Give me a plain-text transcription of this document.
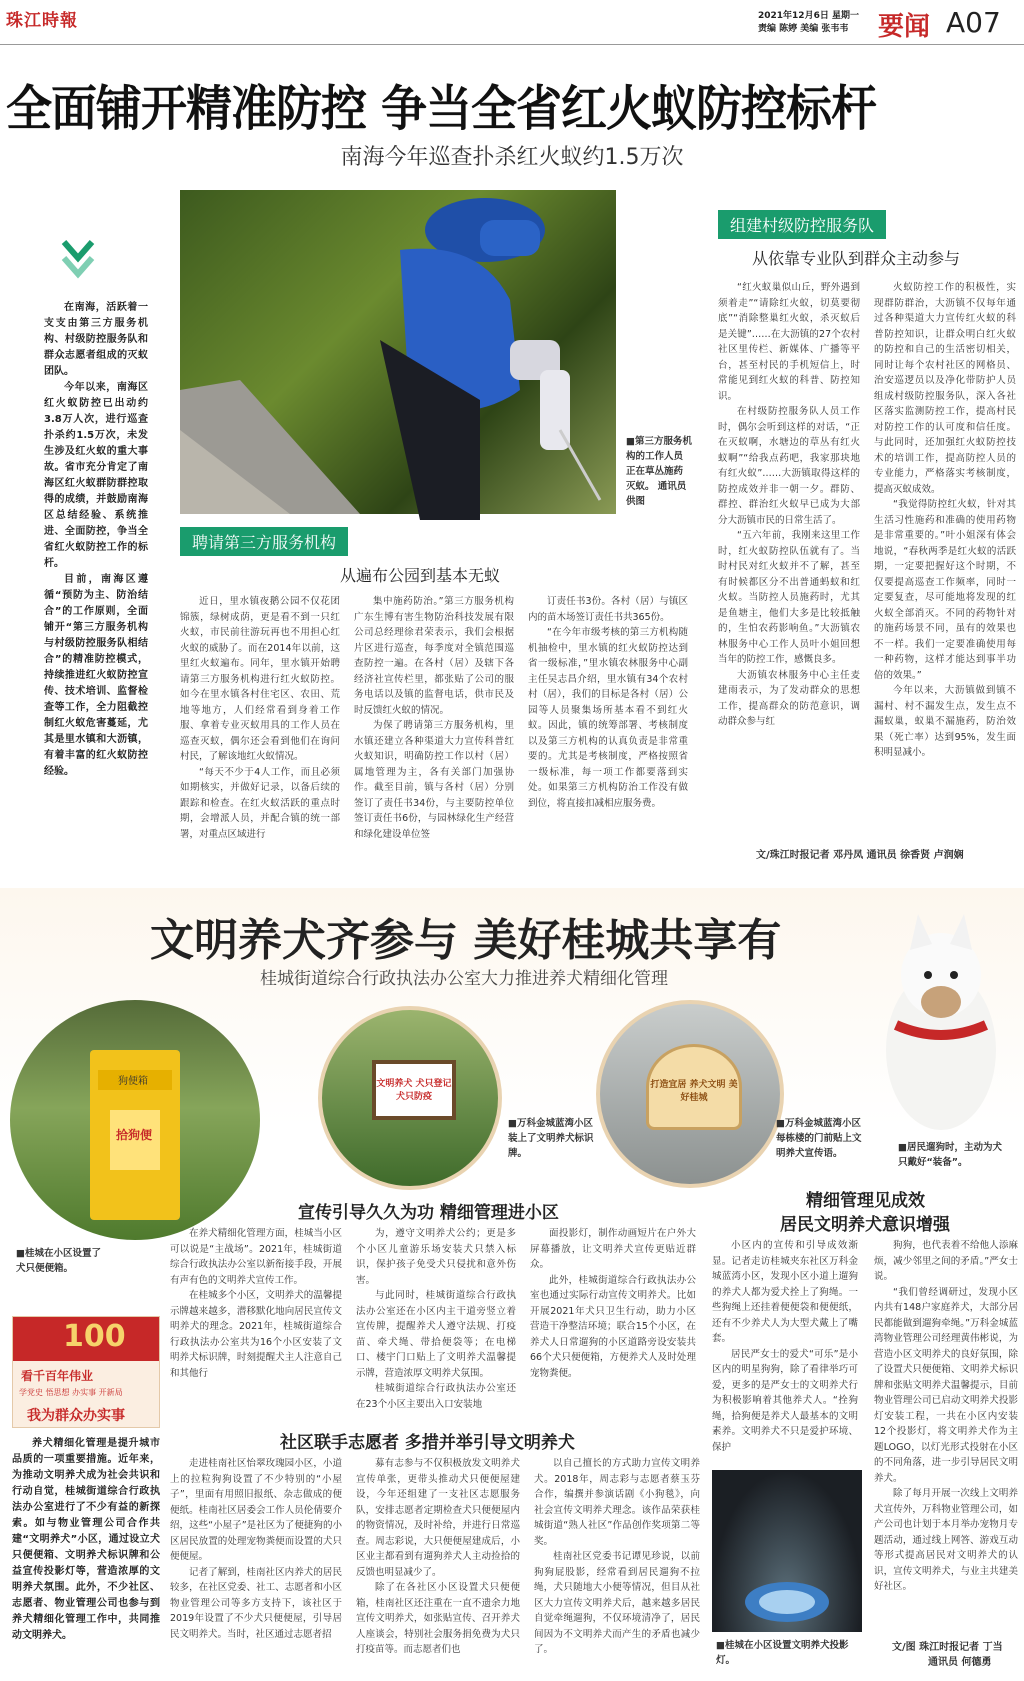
珠江時報	2021年12月6日 星期一
责编 陈婷 美编 张韦韦	要闻 A07
全面铺开精准防控 争当全省红火蚁防控标杆
南海今年巡查扑杀红火蚁约1.5万次

在南海，活跃着一支支由第三方服务机构、村级防控服务队和群众志愿者组成的灭蚁团队。

今年以来，南海区红火蚁防控已出动约3.8万人次，进行巡查扑杀约1.5万次，未发生涉及红火蚁的重大事故。省市充分肯定了南海区红火蚁群防群控取得的成绩，并鼓励南海区总结经验、系统推进、全面防控，争当全省红火蚁防控工作的标杆。

目前，南海区遵循“预防为主、防治结合”的工作原则，全面铺开“第三方服务机构与村级防控服务队相结合”的精准防控模式，持续推进红火蚁防控宣传、技术培训、监督检查等工作，全力阻截控制红火蚁危害蔓延，尤其是里水镇和大沥镇，有着丰富的红火蚁防控经验。

■第三方服务机构的工作人员正在草丛施药灭蚁。 通讯员供图
聘请第三方服务机构
从遍布公园到基本无蚁

近日，里水镇夜鹅公园不仅花团锦簇，绿树成荫，更是看不到一只红火蚁，市民前往游玩再也不用担心红火蚁的威胁了。而在2014年以前，这里红火蚁遍布。同年，里水镇开始聘请第三方服务机构进行红火蚁防控。如今在里水镇各村住宅区、农田、荒地等地方，人们经常看到身着工作服、拿着专业灭蚁用具的工作人员在巡查灭蚁，偶尔还会看到他们在询问村民，了解该地红火蚁情况。

“每天不少于4人工作，而且必须如期核实，并做好记录，以备后续的跟踪和检查。在红火蚁活跃的重点时期，会增派人员，并配合镇的统一部署，对重点区域进行

集中施药防治。”第三方服务机构广东生博有害生物防治科技发展有限公司总经理徐君荣表示，我们会根据片区进行巡查，每季度对全镇范围巡查防控一遍。在各村（居）及辖下各经济社宣传栏里，都张贴了公司的服务电话以及镇的监督电话，供市民及时反馈红火蚁的情况。

为保了聘请第三方服务机构，里水镇还建立各种渠道大力宣传科普红火蚁知识，明确防控工作以村（居）属地管理为主，各有关部门加强协作。截至目前，镇与各村（居）分别签订了责任书34份，与主要防控单位签订责任书6份，与园林绿化生产经营和绿化建设单位签

订责任书3份。各村（居）与镇区内的苗木场签订责任书共365份。

“在今年市级考核的第三方机构随机抽检中，里水镇的红火蚁防控达到省一级标准，”里水镇农林服务中心副主任吴志昌介绍，里水镇有34个农村村（居），我们的目标是各村（居）公园等人员聚集场所基本看不到红火蚁。因此，镇的统筹部署、考核制度以及第三方机构的认真负责是非常重要的。尤其是考核制度，严格按照省一级标准，每一项工作都要落到实处。如果第三方机构防治工作没有做到位，将直接扣减相应服务费。

组建村级防控服务队
从依靠专业队到群众主动参与

“红火蚁巢似山丘，野外遇到须着走”“请除红火蚁，切莫要彻底”“消除整巢红火蚁，杀灭蚁后是关键”……在大沥镇的27个农村社区里传栏、新媒体、广播等平台，甚至村民的手机短信上，时常能见到红火蚁的科普、防控知识。

在村级防控服务队人员工作时，偶尔会听到这样的对话，“正在灭蚁啊，水塘边的草丛有红火蚁啊”“给我点药吧，我家那块地有红火蚁”……大沥镇取得这样的防控成效并非一朝一夕。群防、群控、群治红火蚁早已成为大部分大沥镇市民的日常生活了。

“五六年前，我刚来这里工作时，红火蚁防控队伍就有了。当时村民对红火蚁并不了解，甚至有时候都区分不出普通蚂蚁和红火蚁。当防控人员施药时，尤其是鱼塘主，他们大多是比较抵触的，生怕农药影响鱼。”大沥镇农林服务中心工作人员叶小姐回想当年的防控工作，感慨良多。

大沥镇农林服务中心主任麦建雨表示，为了发动群众的思想工作，提高群众的防范意识，调动群众参与红

火蚁防控工作的积极性，实现群防群治，大沥镇不仅每年通过各种渠道大力宣传红火蚁的科普防控知识，让群众明白红火蚁的防控和自己的生活密切相关，同时让每个农村社区的网格员、治安巡逻员以及净化带防护人员组成村级防控服务队，深入各社区落实监测防控工作，提高村民对防控工作的认可度和信任度。与此同时，还加强红火蚁防控技术的培训工作，提高防控人员的专业能力，严格落实考核制度，提高灭蚁成效。

“我觉得防控红火蚁，针对其生活习性施药和准确的使用药物是非常重要的。”叶小姐深有体会地说，“春秋两季是红火蚁的活跃期，一定要把握好这个时期，不仅要提高巡查工作频率，同时一定要复查，尽可能地将发现的红火蚁全部消灭。不同的药物针对的施药场景不同，虽有的效果也不一样。我们一定要准确使用每一种药物，这样才能达到事半功倍的效果。”

今年以来，大沥镇做到镇不漏村、村不漏发生点，发生点不漏蚁巢，蚁巢不漏施药，防治效果（死亡率）达到95%，发生面积明显减小。

文/珠江时报记者 邓丹凤 通讯员 徐香贤 卢润娴
文明养犬齐参与 美好桂城共享有
桂城街道综合行政执法办公室大力推进养犬精细化管理
■居民遛狗时，主动为犬只戴好“装备”。
拾狗便
狗便箱
■桂城在小区设置了犬只便便箱。
文明养犬 犬只登记 犬只防疫
■万科金城蓝湾小区装上了文明养犬标识牌。
打造宜居 养犬文明 美好桂城
■万科金城蓝湾小区每栋楼的门前贴上文明养犬宣传语。
100
看千百年伟业
学党史 悟思想 办实事 开新局
我为群众办实事

养犬精细化管理是提升城市品质的一项重要措施。近年来，为推动文明养犬成为社会共识和行动自觉，桂城街道综合行政执法办公室进行了不少有益的新探索。如与物业管理公司合作共建“文明养犬”小区，通过设立犬只便便箱、文明养犬标识牌和公益宣传投影灯等，营造浓厚的文明养犬氛围。此外，不少社区、志愿者、物业管理公司也参与到养犬精细化管理工作中，共同推动文明养犬。

宣传引导久久为功 精细管理进小区

在养犬精细化管理方面，桂城当小区可以说是“主战场”。2021年，桂城街道综合行政执法办公室以新衔接手段，开展有声有色的文明养犬宣传工作。

在桂城多个小区，文明养犬的温馨提示牌越来越多，潜移默化地向居民宣传文明养犬的理念。2021年，桂城街道综合行政执法办公室共为16个小区安装了文明养犬标识牌，时刻提醒犬主人注意自己和其他行

为，遵守文明养犬公约；更是多个小区儿童游乐场安装犬只禁入标识，保护孩子免受犬只侵扰和意外伤害。

与此同时，桂城街道综合行政执法办公室还在小区内主干道旁竖立着宣传牌，提醒养犬人遵守法规、打疫苗、牵犬绳、带拾便袋等；在电梯口、楼宇门口贴上了文明养犬温馨提示牌，营造浓厚文明养犬氛围。

桂城街道综合行政执法办公室还在23个小区主要出入口安装地

面投影灯，制作动画短片在户外大屏幕播放，让文明养犬宣传更贴近群众。

此外，桂城街道综合行政执法办公室也通过实际行动宣传文明养犬。比如开展2021年犬只卫生行动，助力小区营造干净整洁环境；联合15个小区，在养犬人日常遛狗的小区道路旁设安装共66个犬只便便箱，方便养犬人及时处理宠物粪便。

精细管理见成效
居民文明养犬意识增强

小区内的宣传和引导成效渐显。记者走访桂城夹东社区万科金城蓝湾小区，发现小区小道上遛狗的养犬人都为爱犬拴上了狗绳。一些狗绳上还挂着便便袋和便便纸，还有不少养犬人为大型犬戴上了嘴套。

居民严女士的爱犬“可乐”是小区内的明星狗狗，除了看律举巧可爱，更多的是严女士的文明养犬行为积极影响着其他养犬人。“拴狗绳，拾狗便是养犬人最基本的文明素养。文明养犬不只是爱护环境、保护

狗狗，也代表着不给他人添麻烦，减少邻里之间的矛盾。”严女士说。

“我们曾经调研过，发现小区内共有148户家庭养犬，大部分居民都能做到遛狗牵绳。”万科金城蓝湾物业管理公司经理黄伟彬说，为营造小区文明养犬的良好氛围，除了设置犬只便便箱、文明养犬标识牌和张贴文明养犬温馨提示，目前物业管理公司已启动文明养犬投影灯安装工程，一共在小区内安装12个投影灯，将文明养犬作为主题LOGO，以灯光形式投射在小区的不同角落，进一步引导居民文明养犬。

除了每月开展一次线上文明养犬宣传外，万科物业管理公司，如产公司也计划于本月举办宠物月专题活动，通过线上网答、游戏互动等形式提高居民对文明养犬的认识，宣传文明养犬，与业主共建美好社区。

■桂城在小区设置文明养犬投影灯。
社区联手志愿者 多措并举引导文明养犬

走进桂南社区怡翠玫瑰园小区，小道上的拉粒狗狗设置了不少特别的“小屋子”，里面有用照旧报纸、杂志做成的便便纸。桂南社区居委会工作人员伦倩要介绍，这些“小屋子”是社区为了便捷狗的小区居民放置的处理宠物粪便而设置的犬只便便屋。

记者了解到，桂南社区内养犬的居民较多，在社区党委、社工、志愿者和小区物业管理公司等多方支持下，该社区于2019年设置了不少犬只便便屋，引导居民文明养犬。当时，社区通过志愿者招

募有志参与不仅积极放发文明养犬宣传单张，更带头推动犬只便便屋建设，今年还组建了一支社区志愿服务队，安排志愿者定期检查犬只便便屋内的物资情况，及时补给，并进行日常巡查。周志彩说，大只便便屋建成后，小区业主都看到有遛狗养犬人主动捡拾的反馈也明显减少了。

除了在各社区小区设置犬只便便箱，桂南社区还注重在一直不遗余力地宣传文明养犬，如张贴宣传、召开养犬人座谈会，特别社会服务捐免费为犬只打疫苗等。而志愿者们也

以自己擅长的方式助力宣传文明养犬。2018年，周志彩与志愿者蔡玉芬合作，编撰并参演话剧《小狗毯》，向社会宣传文明养犬理念。该作品荣获桂城街道“熟人社区”作品创作奖项第二等奖。

桂南社区党委书记谭见珍说，以前狗狗屁股影，经常看到居民遛狗不拉绳，犬只随地大小便等情况，但目从社区大力宣传文明养犬后，越来越多居民自觉牵绳遛狗，不仅环境清净了，居民间因为不文明养犬而产生的矛盾也减少了。	文/图 珠江时报记者 丁当
通讯员 何德勇
